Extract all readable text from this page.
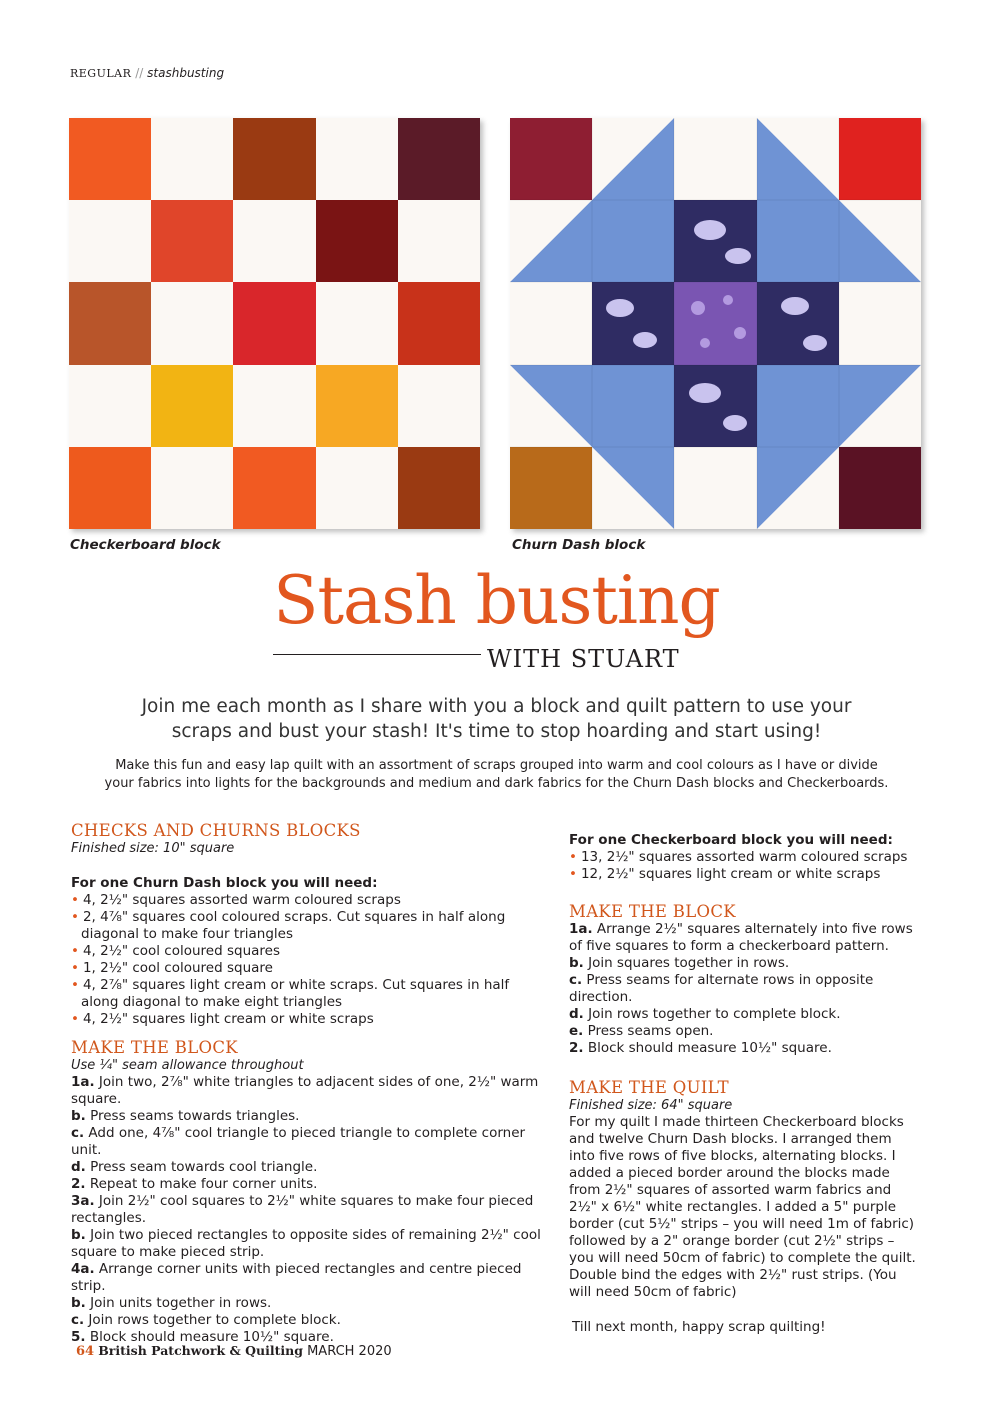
REGULAR // stashbusting
Checkerboard block	Churn Dash block
Stash busting
WITH STUART
Join me each month as I share with you a block and quilt pattern to use your
scraps and bust your stash! It's time to stop hoarding and start using!
Make this fun and easy lap quilt with an assortment of scraps grouped into warm and cool colours as I have or divide
your fabrics into lights for the backgrounds and medium and dark fabrics for the Churn Dash blocks and Checkerboards.
CHECKS AND CHURNS BLOCKS
Finished size: 10" square
For one Churn Dash block you will need:
• 4, 2½" squares assorted warm coloured scraps
• 2, 4⅞" squares cool coloured scraps. Cut squares in half along diagonal to make four triangles
• 4, 2½" cool coloured squares
• 1, 2½" cool coloured square
• 4, 2⅞" squares light cream or white scraps. Cut squares in half along diagonal to make eight triangles
• 4, 2½" squares light cream or white scraps
MAKE THE BLOCK
Use ¼" seam allowance throughout
1a. Join two, 2⅞" white triangles to adjacent sides of one, 2½" warm square.
b. Press seams towards triangles.
c. Add one, 4⅞" cool triangle to pieced triangle to complete corner unit.
d. Press seam towards cool triangle.
2. Repeat to make four corner units.
3a. Join 2½" cool squares to 2½" white squares to make four pieced rectangles.
b. Join two pieced rectangles to opposite sides of remaining 2½" cool square to make pieced strip.
4a. Arrange corner units with pieced rectangles and centre pieced strip.
b. Join units together in rows.
c. Join rows together to complete block.
5. Block should measure 10½" square.
For one Checkerboard block you will need:
• 13, 2½" squares assorted warm coloured scraps
• 12, 2½" squares light cream or white scraps
MAKE THE BLOCK
1a. Arrange 2½" squares alternately into five rows of five squares to form a checkerboard pattern.
b. Join squares together in rows.
c. Press seams for alternate rows in opposite direction.
d. Join rows together to complete block.
e. Press seams open.
2. Block should measure 10½" square.
MAKE THE QUILT
Finished size: 64" square
For my quilt I made thirteen Checkerboard blocks and twelve Churn Dash blocks. I arranged them into five rows of five blocks, alternating blocks. I added a pieced border around the blocks made from 2½" squares of assorted warm fabrics and 2½" x 6½" white rectangles. I added a 5" purple border (cut 5½" strips – you will need 1m of fabric) followed by a 2" orange border (cut 2½" strips – you will need 50cm of fabric) to complete the quilt. Double bind the edges with 2½" rust strips. (You will need 50cm of fabric)
Till next month, happy scrap quilting!
64 British Patchwork & Quilting MARCH 2020
